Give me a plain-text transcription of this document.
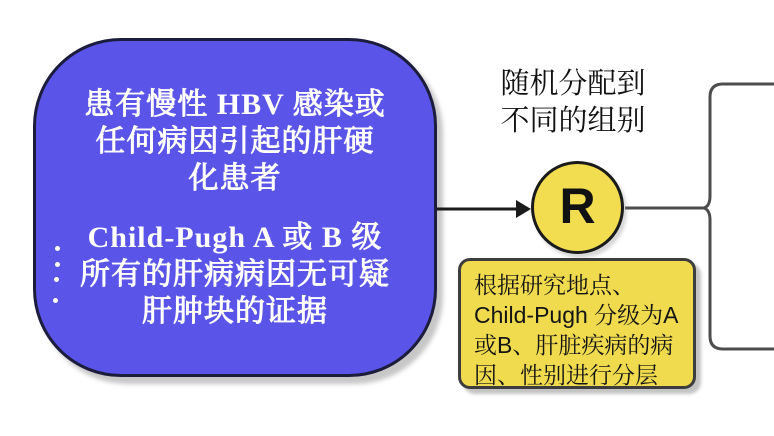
患有慢性 HBV 感染或
任何病因引起的肝硬
化患者
Child-Pugh A 或 B 级
所有的肝病病因无可疑
肝肿块的证据
随机分配到
不同的组别
R
根据研究地点、
Child-Pugh 分级为A
或B、肝脏疾病的病
因、性别进行分层
